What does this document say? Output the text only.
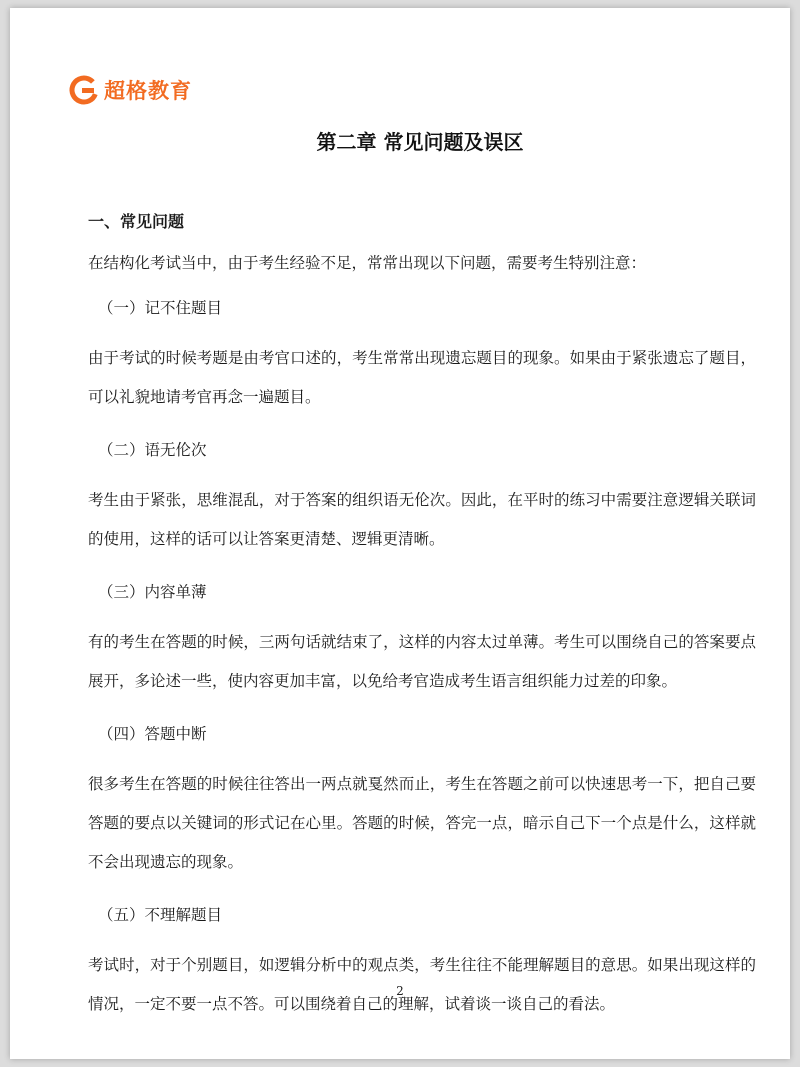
超格教育
第二章 常见问题及误区
一、常见问题
在结构化考试当中，由于考生经验不足，常常出现以下问题，需要考生特别注意：
（一）记不住题目
由于考试的时候考题是由考官口述的，考生常常出现遗忘题目的现象。如果由于紧张遗忘了题目，可以礼貌地请考官再念一遍题目。
（二）语无伦次
考生由于紧张，思维混乱，对于答案的组织语无伦次。因此，在平时的练习中需要注意逻辑关联词的使用，这样的话可以让答案更清楚、逻辑更清晰。
（三）内容单薄
有的考生在答题的时候，三两句话就结束了，这样的内容太过单薄。考生可以围绕自己的答案要点展开，多论述一些，使内容更加丰富，以免给考官造成考生语言组织能力过差的印象。
（四）答题中断
很多考生在答题的时候往往答出一两点就戛然而止，考生在答题之前可以快速思考一下，把自己要答题的要点以关键词的形式记在心里。答题的时候，答完一点，暗示自己下一个点是什么，这样就不会出现遗忘的现象。
（五）不理解题目
考试时，对于个别题目，如逻辑分析中的观点类，考生往往不能理解题目的意思。如果出现这样的情况，一定不要一点不答。可以围绕着自己的理解，试着谈一谈自己的看法。
2
